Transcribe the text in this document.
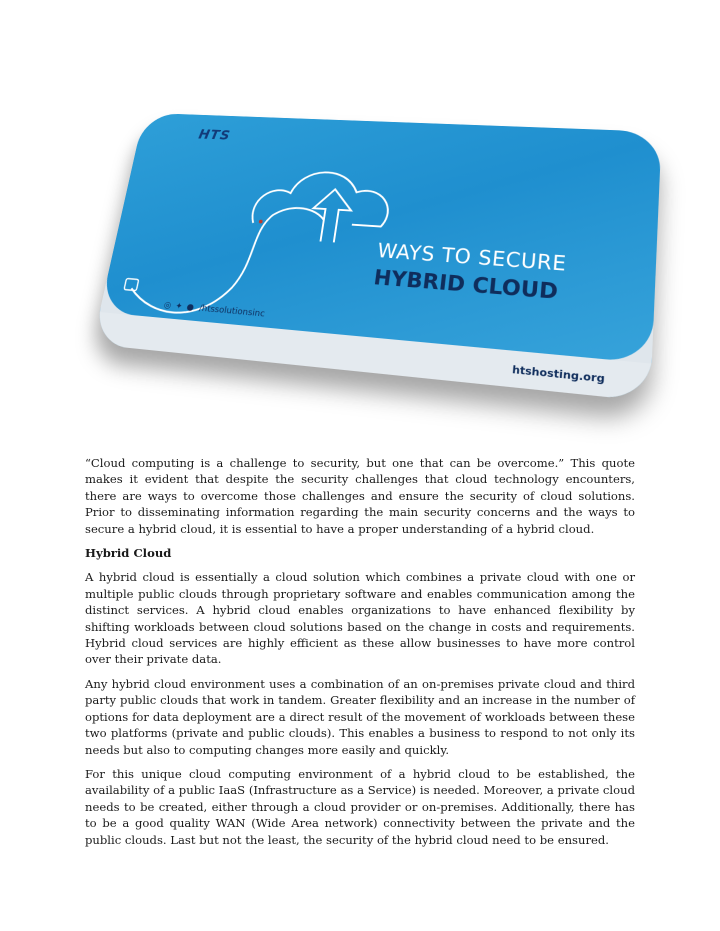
HTS
WAYS TO SECURE
HYBRID CLOUD
◎ ✦ ● /htssolutionsinc
htshosting.org

“Cloud computing is a challenge to security, but one that can be overcome.” This quote makes it evident that despite the security challenges that cloud technology encounters, there are ways to overcome those challenges and ensure the security of cloud solutions. Prior to disseminating information regarding the main security concerns and the ways to secure a hybrid cloud, it is essential to have a proper understanding of a hybrid cloud.

Hybrid Cloud

A hybrid cloud is essentially a cloud solution which combines a private cloud with one or multiple public clouds through proprietary software and enables communication among the distinct services. A hybrid cloud enables organizations to have enhanced flexibility by shifting workloads between cloud solutions based on the change in costs and requirements. Hybrid cloud services are highly efficient as these allow businesses to have more control over their private data.

Any hybrid cloud environment uses a combination of an on-premises private cloud and third party public clouds that work in tandem. Greater flexibility and an increase in the number of options for data deployment are a direct result of the movement of workloads between these two platforms (private and public clouds). This enables a business to respond to not only its needs but also to computing changes more easily and quickly.

For this unique cloud computing environment of a hybrid cloud to be established, the availability of a public IaaS (Infrastructure as a Service) is needed. Moreover, a private cloud needs to be created, either through a cloud provider or on-premises. Additionally, there has to be a good quality WAN (Wide Area network) connectivity between the private and the public clouds. Last but not the least, the security of the hybrid cloud need to be ensured.
